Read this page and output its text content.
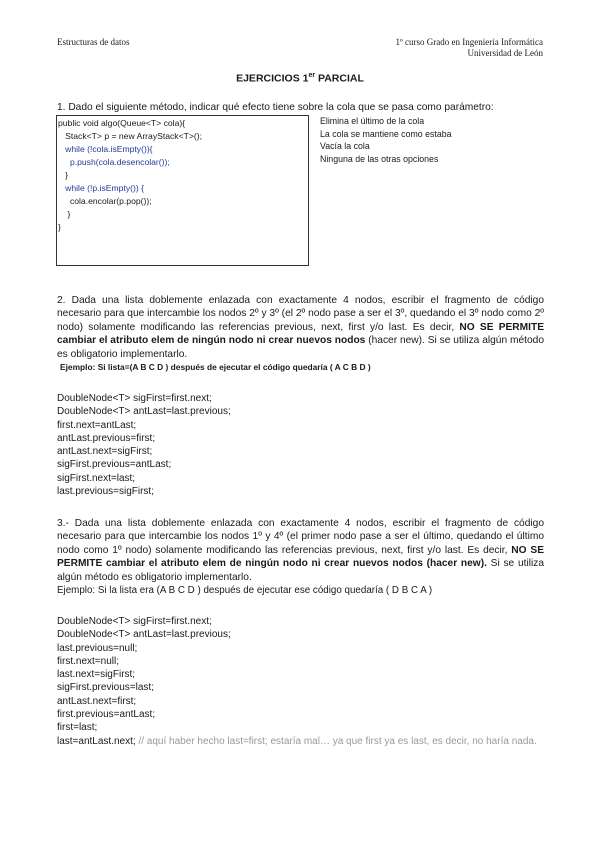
Estructuras de datos	1º curso Grado en Ingeniería Informática
Universidad de León
EJERCICIOS 1er PARCIAL
1. Dado el siguiente método, indicar qué efecto tiene sobre la cola que se pasa como parámetro:
public void algo(Queue<T> cola){
Stack<T> p = new ArrayStack<T>();
while (!cola.isEmpty()){
p.push(cola.desencolar());
}
while (!p.isEmpty()) {
cola.encolar(p.pop());
}
}
Elimina el último de la cola
La cola se mantiene como estaba
Vacía la cola
Ninguna de las otras opciones
2. Dada una lista doblemente enlazada con exactamente 4 nodos, escribir el fragmento de código necesario para que intercambie los nodos 2º y 3º (el 2º nodo pase a ser el 3º, quedando el 3º nodo como 2º nodo) solamente modificando las referencias previous, next, first y/o last. Es decir, NO SE PERMITE cambiar el atributo elem de ningún nodo ni crear nuevos nodos (hacer new). Si se utiliza algún método es obligatorio implementarlo.
Ejemplo: Si lista=(A B C D ) después de ejecutar el código quedaría ( A C B D )
DoubleNode<T> sigFirst=first.next;
DoubleNode<T> antLast=last.previous;
first.next=antLast;
antLast.previous=first;
antLast.next=sigFirst;
sigFirst.previous=antLast;
sigFirst.next=last;
last.previous=sigFirst;
3.- Dada una lista doblemente enlazada con exactamente 4 nodos, escribir el fragmento de código necesario para que intercambie los nodos 1º y 4º (el primer nodo pase a ser el último, quedando el último nodo como 1º nodo) solamente modificando las referencias previous, next, first y/o last. Es decir, NO SE PERMITE cambiar el atributo elem de ningún nodo ni crear nuevos nodos (hacer new). Si se utiliza algún método es obligatorio implementarlo.
Ejemplo: Si la lista era (A B C D ) después de ejecutar ese código quedaría ( D B C A )
DoubleNode<T> sigFirst=first.next;
DoubleNode<T> antLast=last.previous;
last.previous=null;
first.next=null;
last.next=sigFirst;
sigFirst.previous=last;
antLast.next=first;
first.previous=antLast;
first=last;
last=antLast.next; // aquí haber hecho last=first; estaría mal… ya que first ya es last, es decir, no haría nada.
